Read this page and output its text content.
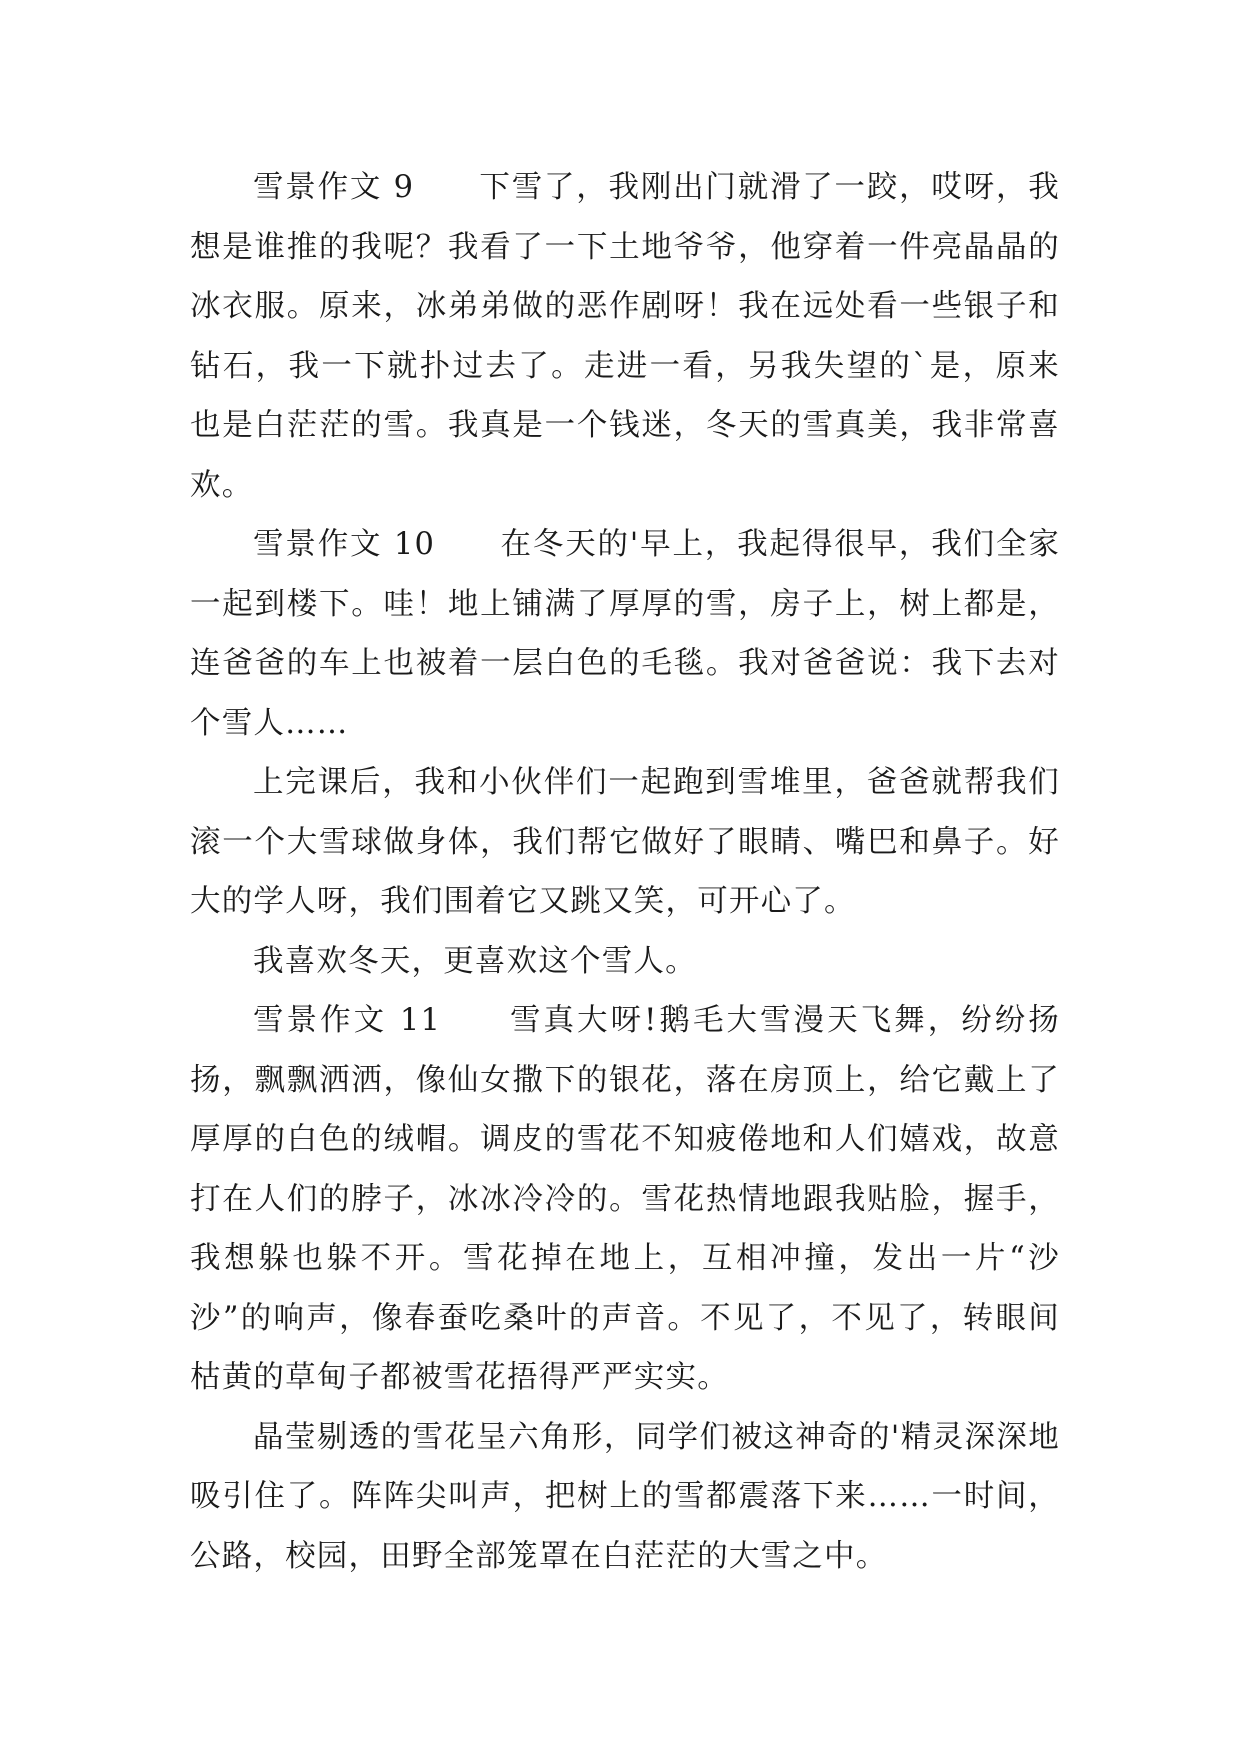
雪景作文 9　　 下雪了，我刚出门就滑了一跤，哎呀，我想是谁推的我呢？我看了一下土地爷爷，他穿着一件亮晶晶的冰衣服。原来，冰弟弟做的恶作剧呀！我在远处看一些银子和钻石，我一下就扑过去了。走进一看，另我失望的`是，原来也是白茫茫的雪。我真是一个钱迷，冬天的雪真美，我非常喜欢。

雪景作文 10　　 在冬天的'早上，我起得很早，我们全家一起到楼下。哇！地上铺满了厚厚的雪，房子上，树上都是，连爸爸的车上也被着一层白色的毛毯。我对爸爸说：我下去对个雪人……

上完课后，我和小伙伴们一起跑到雪堆里，爸爸就帮我们滚一个大雪球做身体，我们帮它做好了眼睛、嘴巴和鼻子。好大的学人呀，我们围着它又跳又笑，可开心了。

我喜欢冬天，更喜欢这个雪人。

雪景作文 11　　 雪真大呀!鹅毛大雪漫天飞舞，纷纷扬扬，飘飘洒洒，像仙女撒下的银花，落在房顶上，给它戴上了厚厚的白色的绒帽。调皮的雪花不知疲倦地和人们嬉戏，故意打在人们的脖子，冰冰冷冷的。雪花热情地跟我贴脸，握手，我想躲也躲不开。雪花掉在地上，互相冲撞，发出一片“沙沙”的响声，像春蚕吃桑叶的声音。不见了，不见了，转眼间枯黄的草甸子都被雪花捂得严严实实。

晶莹剔透的雪花呈六角形，同学们被这神奇的'精灵深深地吸引住了。阵阵尖叫声，把树上的雪都震落下来……一时间，公路，校园，田野全部笼罩在白茫茫的大雪之中。
